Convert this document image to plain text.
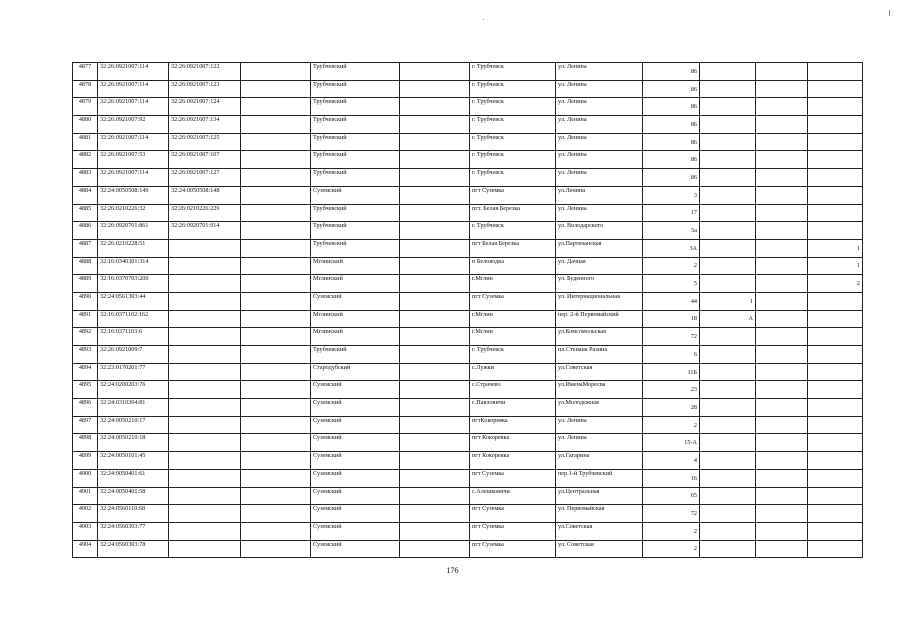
4877	32:26:0921007:114	32:26:0921007:122		Трубчевский		г. Трубчевск	ул. Ленина	86			
4878	32:26:0921007:114	32:26:0921007:123		Трубчевский		г. Трубчевск	ул. Ленина	86			
4879	32:26:0921007:114	32:26:0921007:124		Трубчевский		г. Трубчевск	ул. Ленина	86			
4880	32:26:0921007:92	32:26:0921007:134		Трубчевский		г. Трубчевск	ул. Ленина	86			
4881	32:26:0921007:114	32:26:0921007:125		Трубчевский		г. Трубчевск	ул. Ленина	86			
4882	32:26:0921007:53	32:26:0921007:107		Трубчевский		г. Трубчевск	ул. Ленина	86			
4883	32:26:0921007:114	32:26:0921007:127		Трубчевский		г. Трубчевск	ул. Ленина	86			
4884	32:24:0050508:149	32:24:0050508:148		Суземский		пгт Суземка	ул.Ленина	3			
4885	32:26:0210226:32	32:26:0210226:229		Трубчевский		пгт. Белая Березка	ул. Ленина	17			
4886	32:26:0920701:861	32:26:0920701:914		Трубчевский		г. Трубчевск	ул. Володарского	5а			
4887	32:26:0210228:51			Трубчевский		пгт Белая Березка	ул.Партизанская	3А			1
4888	32:16:0340301:314			Мглинский		п Беловодка	ул. Дачная	2			1
4889	32:16:0370703:200			Мглинский		г.Мглин	ул. Буденного	5			2
4890	32:24:0561303:44			Суземский		пгт Суземка	ул. Интернациональная	44	1		
4891	32:16:0371102:162			Мглинский		г.Мглин	пер. 2-й Первомайский	18	А		
4892	32:16:0371103:6			Мглинский		г.Мглин	ул.Комсомольская	72			
4893	32:26:0921009:7			Трубчевский		г. Трубчевск	пл.Степана Разина	6			
4894	32:23:0170201:77			Стародубский		с.Лужки	ул.Советская	11Б			
4895	32:24:0200203:76			Суземский		с.Страчево	ул.ИменаМоресва	23			
4896	32:24:0310304:81			Суземский		с.Павловичи	ул.Молодежная	28			
4897	32:24:0050210:17			Суземский		пгтКокоревка	ул. Ленина	2			
4898	32:24:0050210:18			Суземский		пгт Кокоревка	ул. Ленина	15-А			
4899	32:24:0050101:45			Суземский		пгт Кокоревка	ул.Гагарина	4			
4900	32:24:0050401:61			Суземский		пгт Суземка	пер.1-й Трубчевский	16			
4901	32:24:0050401:58			Суземский		с.Алешковичи	ул.Центральная	65			
4902	32:24:0560110:68			Суземский		пгт Суземка	ул. Первомайская	72			
4903	32:24:0560303:77			Суземский		пгт Суземка	ул.Советская	2			
4904	32:24:0560303:78			Суземский		пгт Суземка	ул. Советская	2			
176
